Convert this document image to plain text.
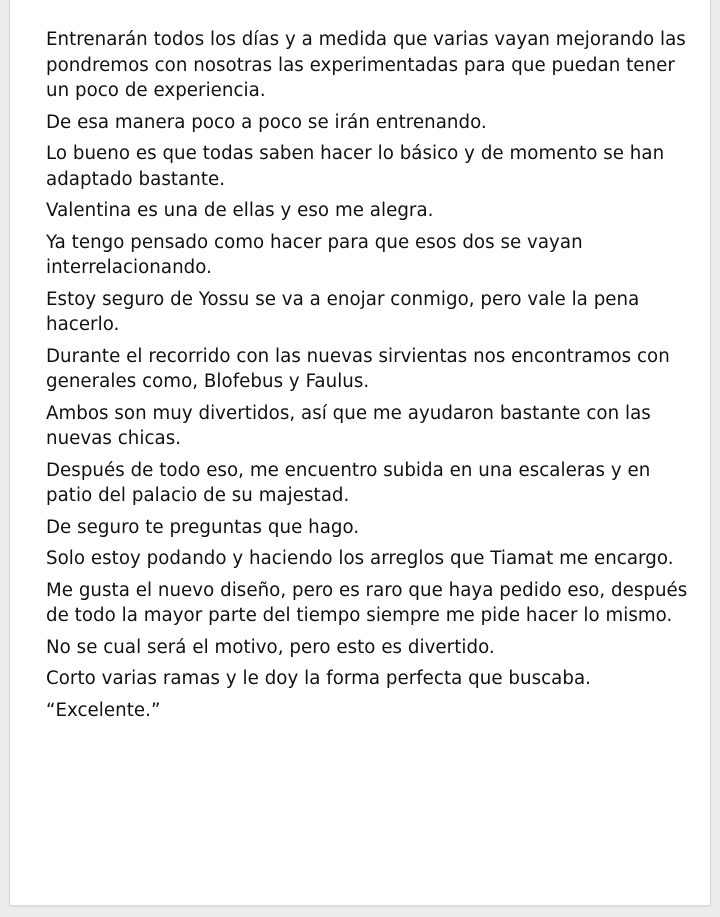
Entrenarán todos los días y a medida que varias vayan mejorando las pondremos con nosotras las experimentadas para que puedan tener un poco de experiencia.

De esa manera poco a poco se irán entrenando.

Lo bueno es que todas saben hacer lo básico y de momento se han adaptado bastante.

Valentina es una de ellas y eso me alegra.

Ya tengo pensado como hacer para que esos dos se vayan interrelacionando.

Estoy seguro de Yossu se va a enojar conmigo, pero vale la pena hacerlo.

Durante el recorrido con las nuevas sirvientas nos encontramos con generales como, Blofebus y Faulus.

Ambos son muy divertidos, así que me ayudaron bastante con las nuevas chicas.

Después de todo eso, me encuentro subida en una escaleras y en patio del palacio de su majestad.

De seguro te preguntas que hago.

Solo estoy podando y haciendo los arreglos que Tiamat me encargo.

Me gusta el nuevo diseño, pero es raro que haya pedido eso, después de todo la mayor parte del tiempo siempre me pide hacer lo mismo.

No se cual será el motivo, pero esto es divertido.

Corto varias ramas y le doy la forma perfecta que buscaba.

“Excelente.”
